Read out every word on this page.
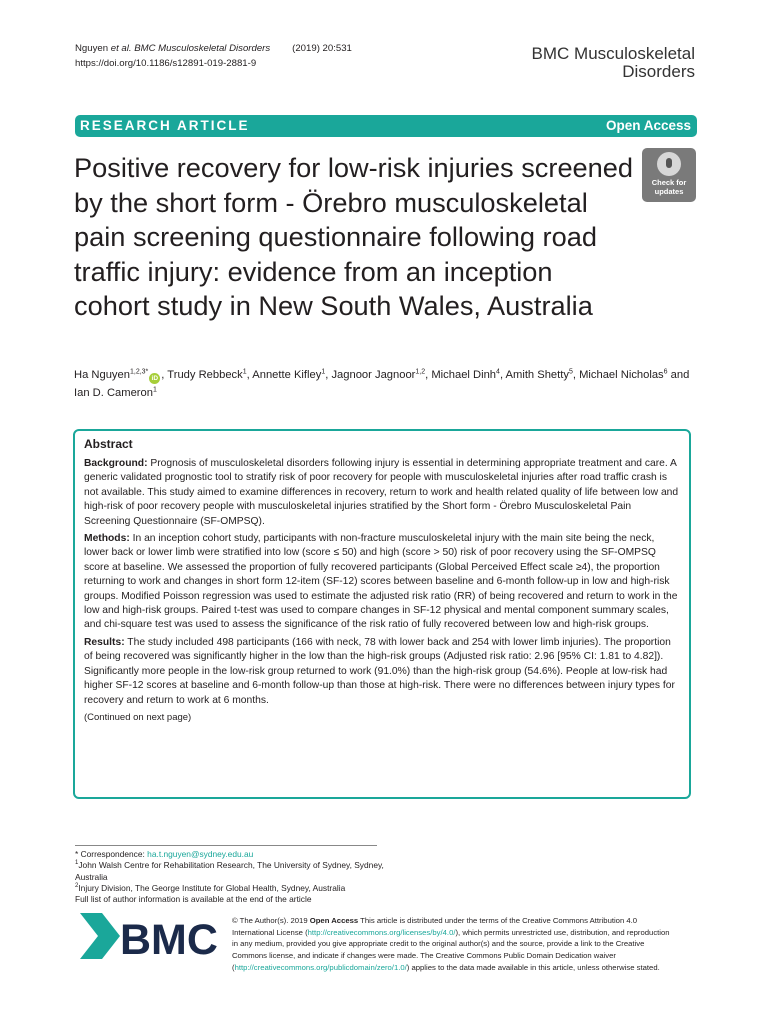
Nguyen et al. BMC Musculoskeletal Disorders (2019) 20:531
https://doi.org/10.1186/s12891-019-2881-9
BMC Musculoskeletal
Disorders
RESEARCH ARTICLE	Open Access
Positive recovery for low-risk injuries screened by the short form - Örebro musculoskeletal pain screening questionnaire following road traffic injury: evidence from an inception cohort study in New South Wales, Australia
Check for
updates
Ha Nguyen$^{1,2,3*}$iD , Trudy Rebbeck$^1$, Annette Kifley$^1$, Jagnoor Jagnoor$^{1,2}$, Michael Dinh$^4$, Amith Shetty$^5$, Michael Nicholas$^6$ and Ian D. Cameron$^1$
Abstract

Background: Prognosis of musculoskeletal disorders following injury is essential in determining appropriate treatment and care. A generic validated prognostic tool to stratify risk of poor recovery for people with musculoskeletal injuries after road traffic crash is not available. This study aimed to examine differences in recovery, return to work and health related quality of life between low and high-risk of poor recovery people with musculoskeletal injuries stratified by the Short form - Örebro Musculoskeletal Pain Screening Questionnaire (SF-OMPSQ).

Methods: In an inception cohort study, participants with non-fracture musculoskeletal injury with the main site being the neck, lower back or lower limb were stratified into low (score ≤ 50) and high (score > 50) risk of poor recovery using the SF-OMPSQ score at baseline. We assessed the proportion of fully recovered participants (Global Perceived Effect scale ≥4), the proportion returning to work and changes in short form 12-item (SF-12) scores between baseline and 6-month follow-up in low and high-risk groups. Modified Poisson regression was used to estimate the adjusted risk ratio (RR) of being recovered and return to work in the low and high-risk groups. Paired t-test was used to compare changes in SF-12 physical and mental component summary scales, and chi-square test was used to assess the significance of the risk ratio of fully recovered between low and high-risk groups.

Results: The study included 498 participants (166 with neck, 78 with lower back and 254 with lower limb injuries). The proportion of being recovered was significantly higher in the low than the high-risk groups (Adjusted risk ratio: 2.96 [95% CI: 1.81 to 4.82]). Significantly more people in the low-risk group returned to work (91.0%) than the high-risk group (54.6%). People at low-risk had higher SF-12 scores at baseline and 6-month follow-up than those at high-risk. There were no differences between injury types for recovery and return to work at 6 months.

(Continued on next page)
* Correspondence: ha.t.nguyen@sydney.edu.au
$^1$John Walsh Centre for Rehabilitation Research, The University of Sydney, Sydney, Australia
$^2$Injury Division, The George Institute for Global Health, Sydney, Australia
Full list of author information is available at the end of the article
BMC © The Author(s). 2019 Open Access This article is distributed under the terms of the Creative Commons Attribution 4.0 International License (http://creativecommons.org/licenses/by/4.0/), which permits unrestricted use, distribution, and reproduction in any medium, provided you give appropriate credit to the original author(s) and the source, provide a link to the Creative Commons license, and indicate if changes were made. The Creative Commons Public Domain Dedication waiver (http://creativecommons.org/publicdomain/zero/1.0/) applies to the data made available in this article, unless otherwise stated.
